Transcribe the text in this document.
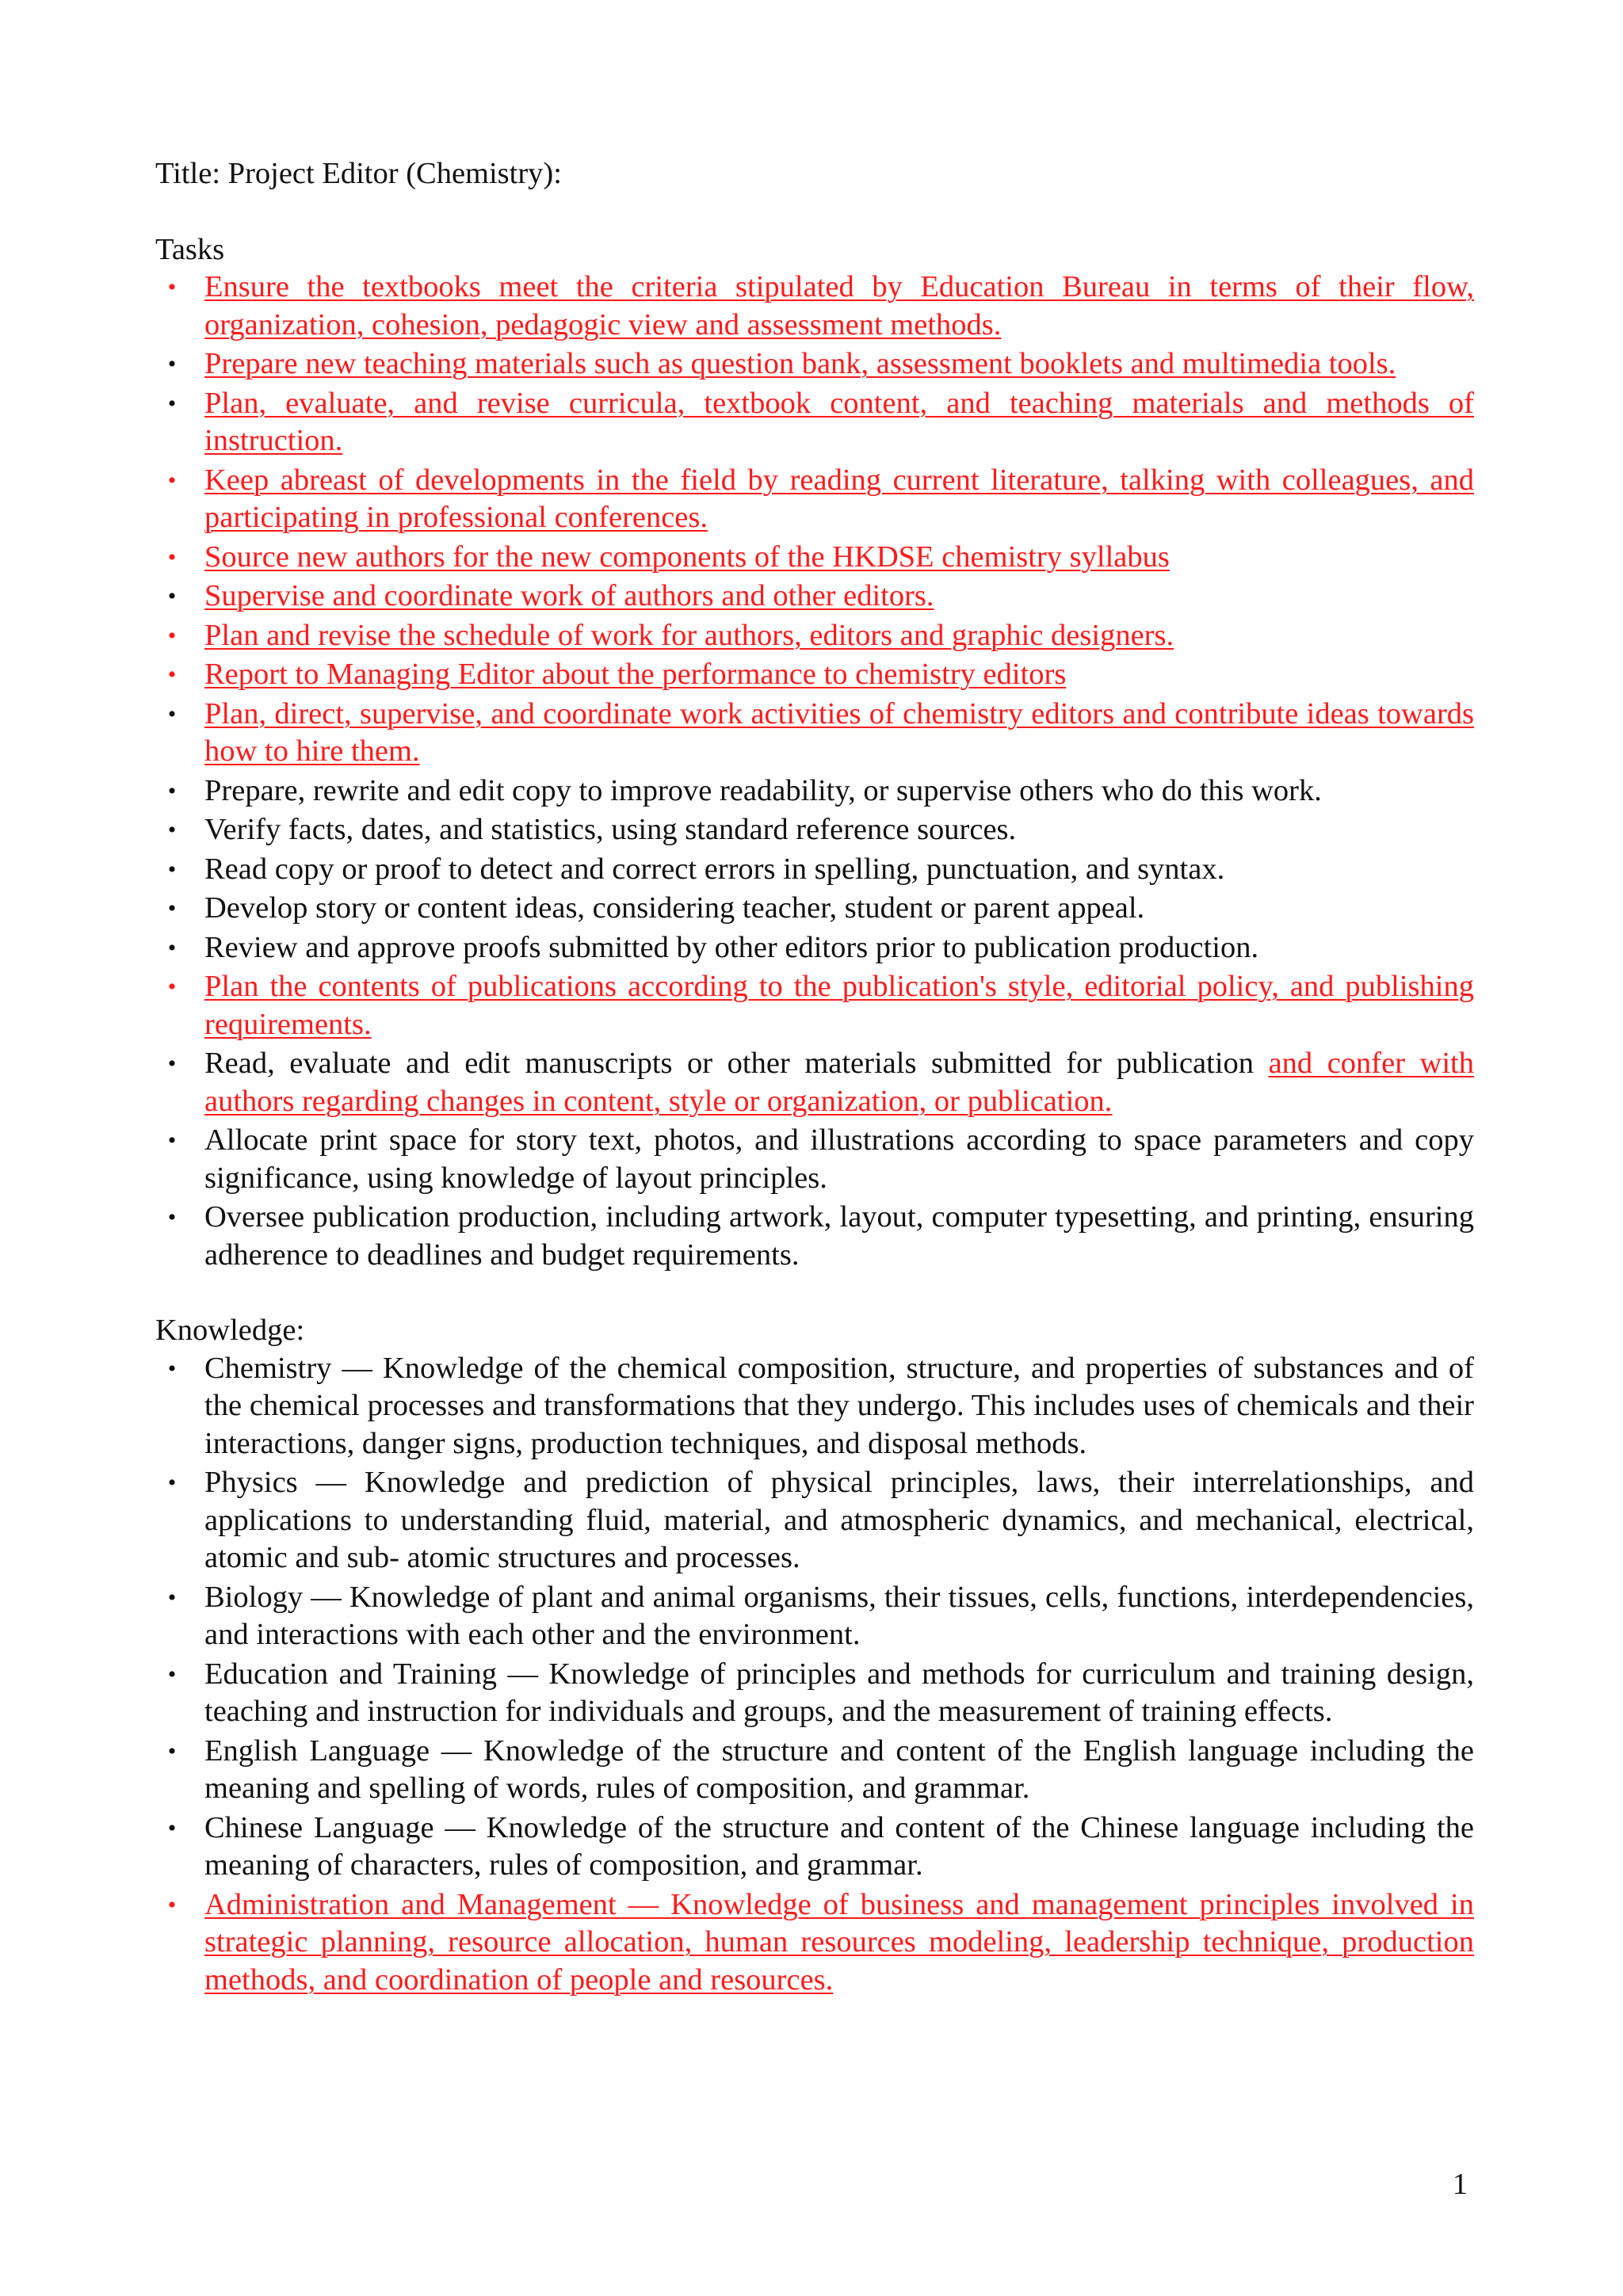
Title: Project Editor (Chemistry):

Tasks
• Ensure the textbooks meet the criteria stipulated by Education Bureau in terms of their flow, organization, cohesion, pedagogic view and assessment methods.
• Prepare new teaching materials such as question bank, assessment booklets and multimedia tools.
• Plan, evaluate, and revise curricula, textbook content, and teaching materials and methods of instruction.
• Keep abreast of developments in the field by reading current literature, talking with colleagues, and participating in professional conferences.
• Source new authors for the new components of the HKDSE chemistry syllabus
• Supervise and coordinate work of authors and other editors.
• Plan and revise the schedule of work for authors, editors and graphic designers.
• Report to Managing Editor about the performance to chemistry editors
• Plan, direct, supervise, and coordinate work activities of chemistry editors and contribute ideas towards how to hire them.
• Prepare, rewrite and edit copy to improve readability, or supervise others who do this work.
• Verify facts, dates, and statistics, using standard reference sources.
• Read copy or proof to detect and correct errors in spelling, punctuation, and syntax.
• Develop story or content ideas, considering teacher, student or parent appeal.
• Review and approve proofs submitted by other editors prior to publication production.
• Plan the contents of publications according to the publication's style, editorial policy, and publishing requirements.
• Read, evaluate and edit manuscripts or other materials submitted for publication and confer with authors regarding changes in content, style or organization, or publication.
• Allocate print space for story text, photos, and illustrations according to space parameters and copy significance, using knowledge of layout principles.
• Oversee publication production, including artwork, layout, computer typesetting, and printing, ensuring adherence to deadlines and budget requirements.
Knowledge:
• Chemistry — Knowledge of the chemical composition, structure, and properties of substances and of the chemical processes and transformations that they undergo. This includes uses of chemicals and their interactions, danger signs, production techniques, and disposal methods.
• Physics — Knowledge and prediction of physical principles, laws, their interrelationships, and applications to understanding fluid, material, and atmospheric dynamics, and mechanical, electrical, atomic and sub- atomic structures and processes.
• Biology — Knowledge of plant and animal organisms, their tissues, cells, functions, interdependencies, and interactions with each other and the environment.
• Education and Training — Knowledge of principles and methods for curriculum and training design, teaching and instruction for individuals and groups, and the measurement of training effects.
• English Language — Knowledge of the structure and content of the English language including the meaning and spelling of words, rules of composition, and grammar.
• Chinese Language — Knowledge of the structure and content of the Chinese language including the meaning of characters, rules of composition, and grammar.
• Administration and Management — Knowledge of business and management principles involved in strategic planning, resource allocation, human resources modeling, leadership technique, production methods, and coordination of people and resources.
1
